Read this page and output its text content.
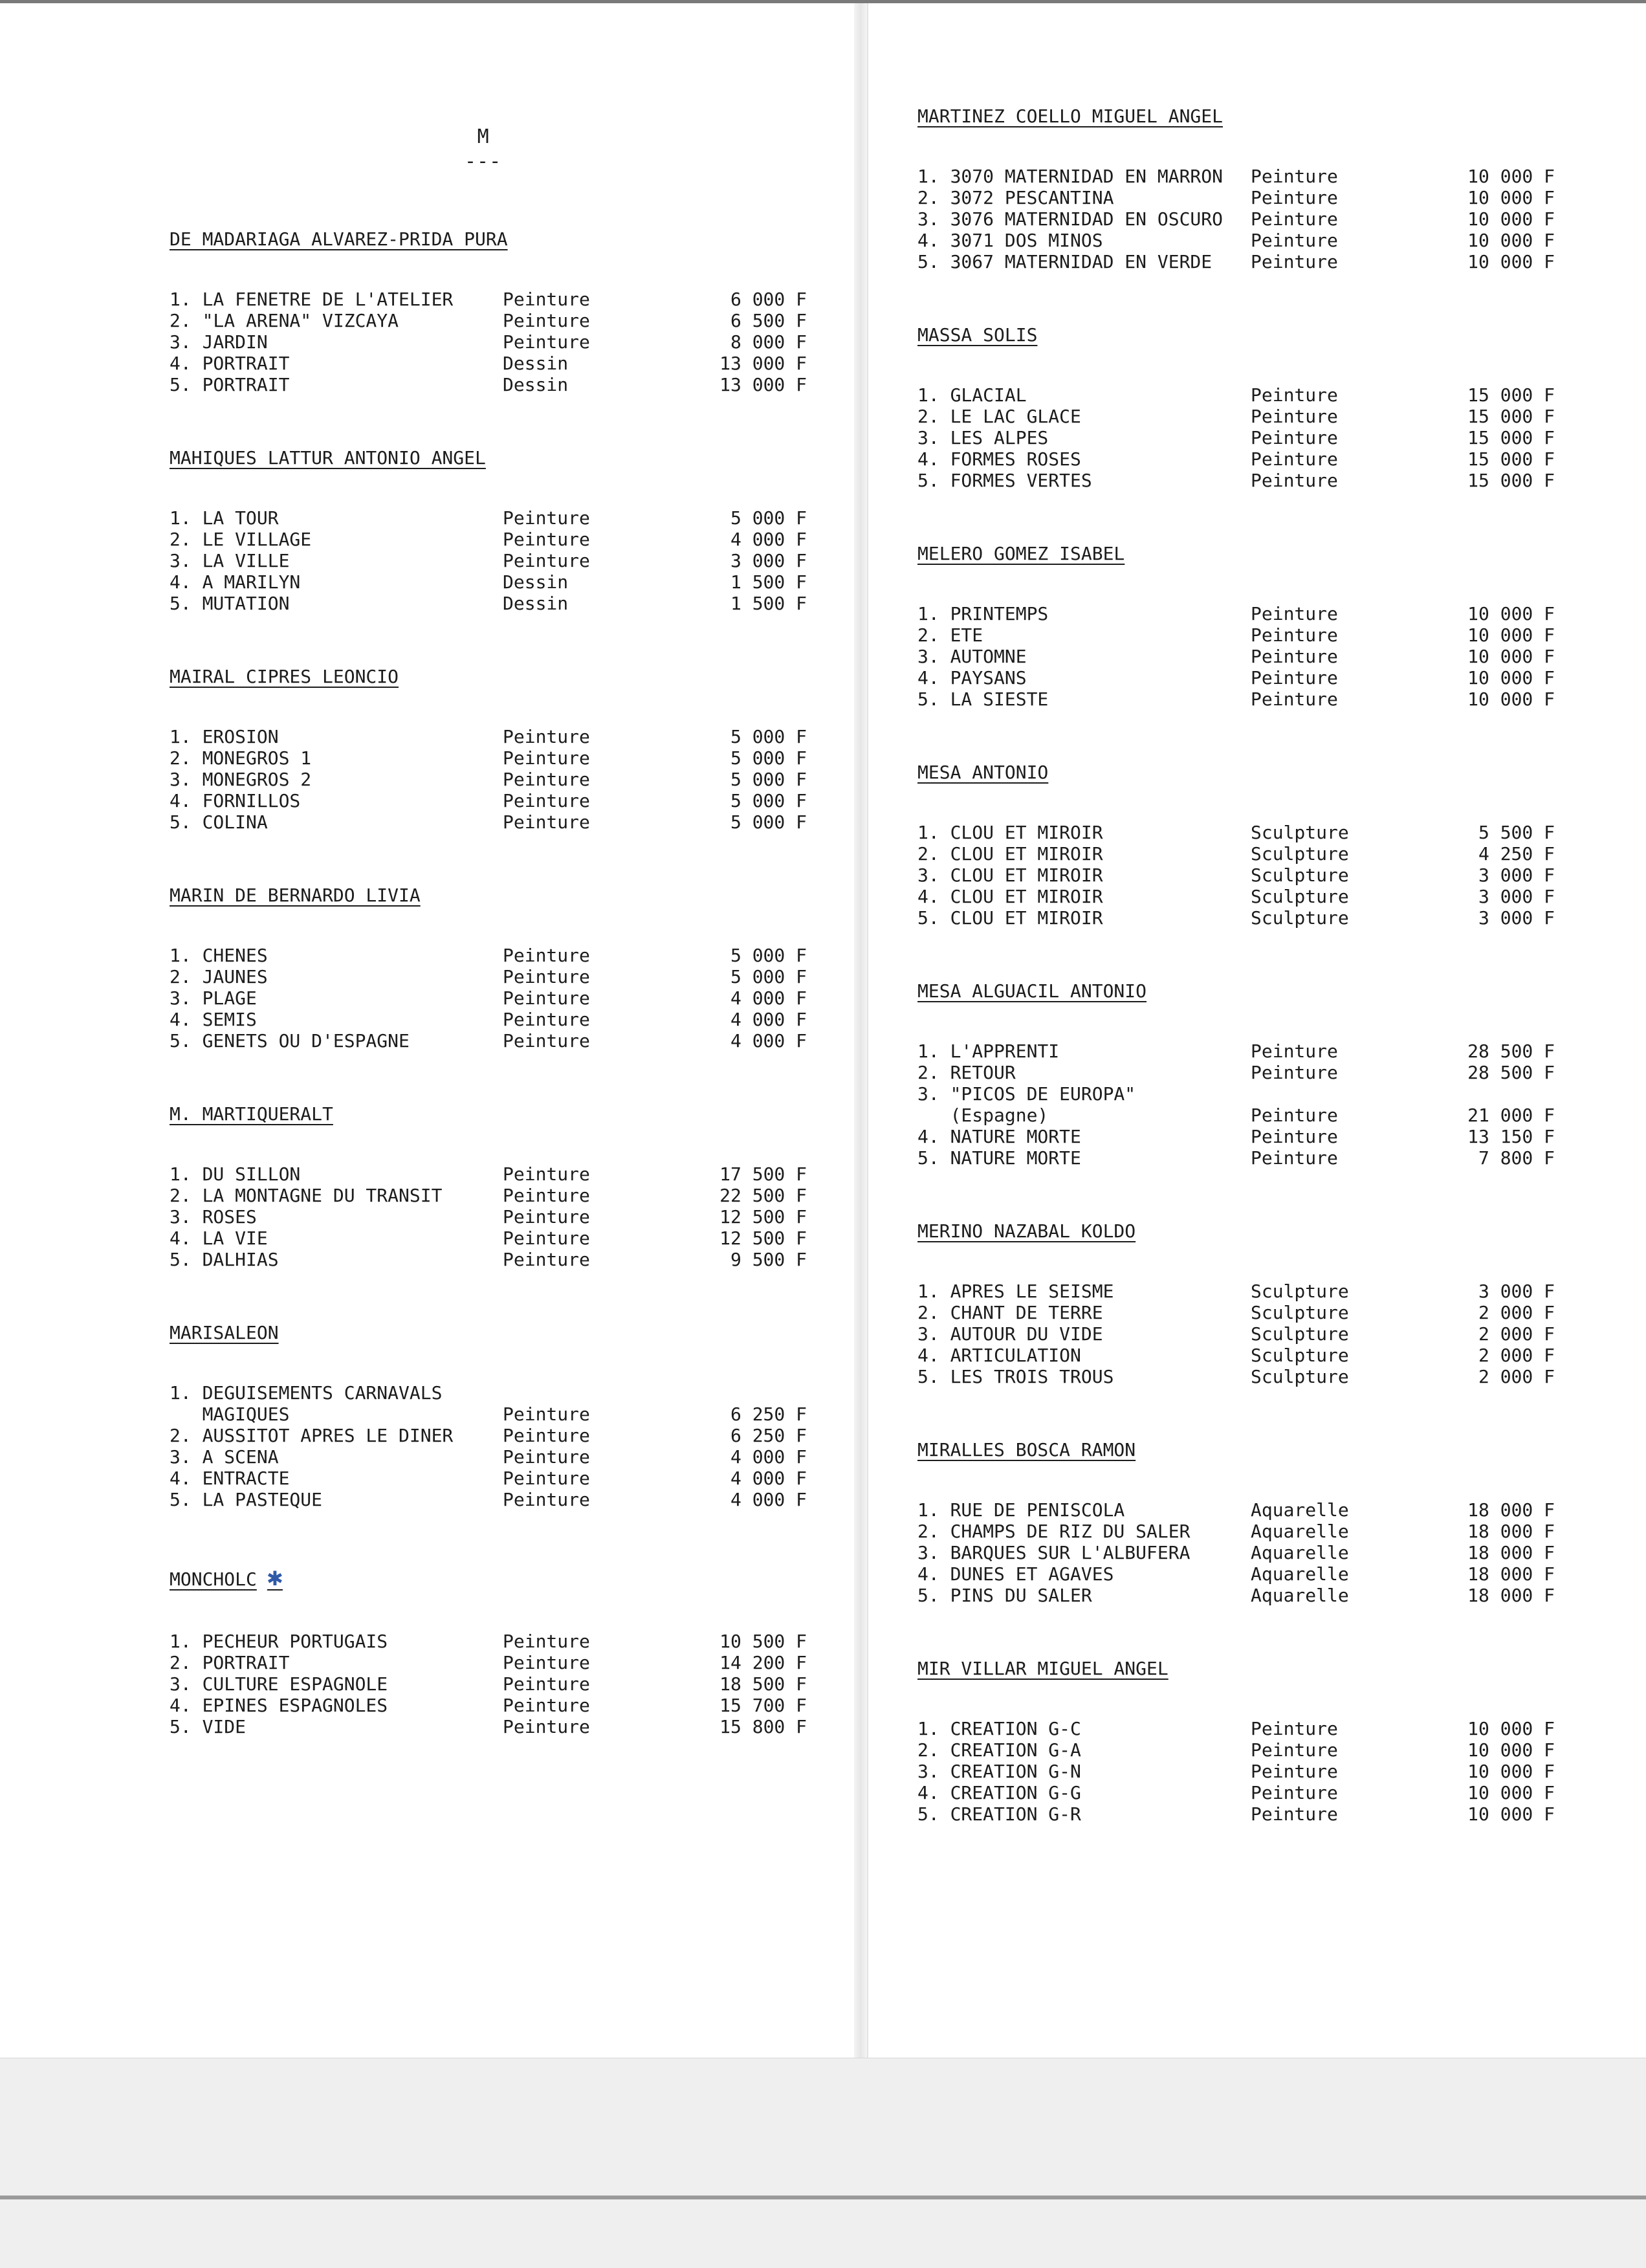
M
---
DE MADARIAGA ALVAREZ-PRIDA PURA
1. LA FENETRE DE L'ATELIER	Peinture	6 000 F
2. "LA ARENA" VIZCAYA	Peinture	6 500 F
3. JARDIN	Peinture	8 000 F
4. PORTRAIT	Dessin	13 000 F
5. PORTRAIT	Dessin	13 000 F
MAHIQUES LATTUR ANTONIO ANGEL
1. LA TOUR	Peinture	5 000 F
2. LE VILLAGE	Peinture	4 000 F
3. LA VILLE	Peinture	3 000 F
4. A MARILYN	Dessin	1 500 F
5. MUTATION	Dessin	1 500 F
MAIRAL CIPRES LEONCIO
1. EROSION	Peinture	5 000 F
2. MONEGROS 1	Peinture	5 000 F
3. MONEGROS 2	Peinture	5 000 F
4. FORNILLOS	Peinture	5 000 F
5. COLINA	Peinture	5 000 F
MARIN DE BERNARDO LIVIA
1. CHENES	Peinture	5 000 F
2. JAUNES	Peinture	5 000 F
3. PLAGE	Peinture	4 000 F
4. SEMIS	Peinture	4 000 F
5. GENETS OU D'ESPAGNE	Peinture	4 000 F
M. MARTIQUERALT
1. DU SILLON	Peinture	17 500 F
2. LA MONTAGNE DU TRANSIT	Peinture	22 500 F
3. ROSES	Peinture	12 500 F
4. LA VIE	Peinture	12 500 F
5. DALHIAS	Peinture	9 500 F
MARISALEON
1. DEGUISEMENTS CARNAVALS
MAGIQUES	Peinture	6 250 F
2. AUSSITOT APRES LE DINER	Peinture	6 250 F
3. A SCENA	Peinture	4 000 F
4. ENTRACTE	Peinture	4 000 F
5. LA PASTEQUE	Peinture	4 000 F
MONCHOLC ✱
1. PECHEUR PORTUGAIS	Peinture	10 500 F
2. PORTRAIT	Peinture	14 200 F
3. CULTURE ESPAGNOLE	Peinture	18 500 F
4. EPINES ESPAGNOLES	Peinture	15 700 F
5. VIDE	Peinture	15 800 F
MARTINEZ COELLO MIGUEL ANGEL
1. 3070 MATERNIDAD EN MARRON	Peinture	10 000 F
2. 3072 PESCANTINA	Peinture	10 000 F
3. 3076 MATERNIDAD EN OSCURO	Peinture	10 000 F
4. 3071 DOS MINOS	Peinture	10 000 F
5. 3067 MATERNIDAD EN VERDE	Peinture	10 000 F
MASSA SOLIS
1. GLACIAL	Peinture	15 000 F
2. LE LAC GLACE	Peinture	15 000 F
3. LES ALPES	Peinture	15 000 F
4. FORMES ROSES	Peinture	15 000 F
5. FORMES VERTES	Peinture	15 000 F
MELERO GOMEZ ISABEL
1. PRINTEMPS	Peinture	10 000 F
2. ETE	Peinture	10 000 F
3. AUTOMNE	Peinture	10 000 F
4. PAYSANS	Peinture	10 000 F
5. LA SIESTE	Peinture	10 000 F
MESA ANTONIO
1. CLOU ET MIROIR	Sculpture	5 500 F
2. CLOU ET MIROIR	Sculpture	4 250 F
3. CLOU ET MIROIR	Sculpture	3 000 F
4. CLOU ET MIROIR	Sculpture	3 000 F
5. CLOU ET MIROIR	Sculpture	3 000 F
MESA ALGUACIL ANTONIO
1. L'APPRENTI	Peinture	28 500 F
2. RETOUR	Peinture	28 500 F
3. "PICOS DE EUROPA"
(Espagne)	Peinture	21 000 F
4. NATURE MORTE	Peinture	13 150 F
5. NATURE MORTE	Peinture	7 800 F
MERINO NAZABAL KOLDO
1. APRES LE SEISME	Sculpture	3 000 F
2. CHANT DE TERRE	Sculpture	2 000 F
3. AUTOUR DU VIDE	Sculpture	2 000 F
4. ARTICULATION	Sculpture	2 000 F
5. LES TROIS TROUS	Sculpture	2 000 F
MIRALLES BOSCA RAMON
1. RUE DE PENISCOLA	Aquarelle	18 000 F
2. CHAMPS DE RIZ DU SALER	Aquarelle	18 000 F
3. BARQUES SUR L'ALBUFERA	Aquarelle	18 000 F
4. DUNES ET AGAVES	Aquarelle	18 000 F
5. PINS DU SALER	Aquarelle	18 000 F
MIR VILLAR MIGUEL ANGEL
1. CREATION G-C	Peinture	10 000 F
2. CREATION G-A	Peinture	10 000 F
3. CREATION G-N	Peinture	10 000 F
4. CREATION G-G	Peinture	10 000 F
5. CREATION G-R	Peinture	10 000 F
